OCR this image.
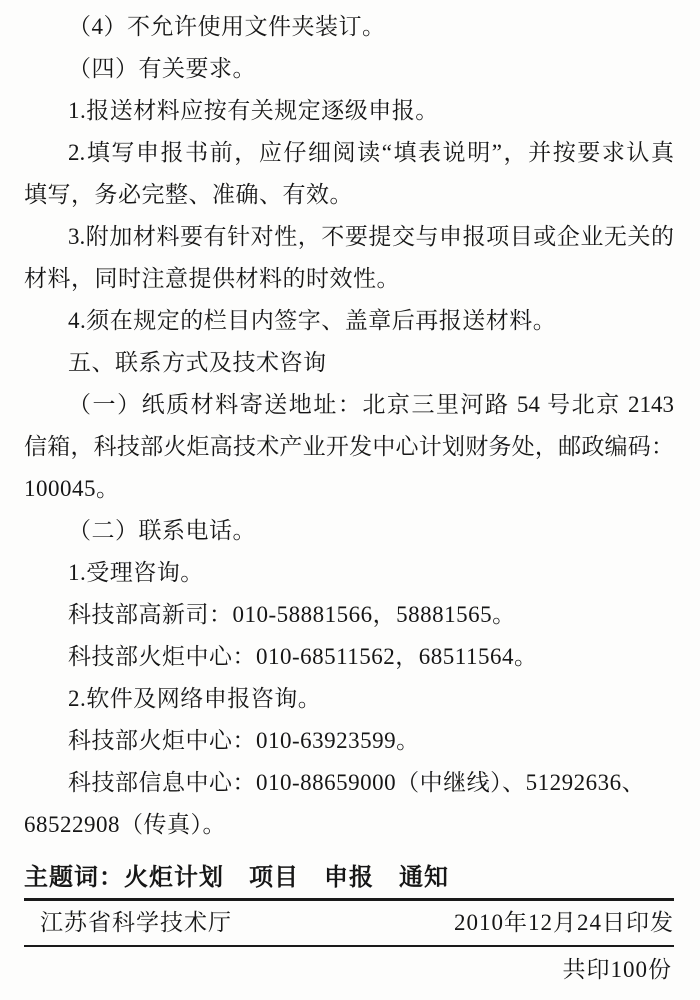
（4）不允许使用文件夹装订。
（四）有关要求。
1.报送材料应按有关规定逐级申报。
2.填写申报书前，应仔细阅读“填表说明”，并按要求认真
填写，务必完整、准确、有效。
3.附加材料要有针对性，不要提交与申报项目或企业无关的
材料，同时注意提供材料的时效性。
4.须在规定的栏目内签字、盖章后再报送材料。
五、联系方式及技术咨询
（一）纸质材料寄送地址：北京三里河路 54 号北京 2143
信箱，科技部火炬高技术产业开发中心计划财务处，邮政编码：
100045。
（二）联系电话。
1.受理咨询。
科技部高新司：010-58881566，58881565。
科技部火炬中心：010-68511562，68511564。
2.软件及网络申报咨询。
科技部火炬中心：010-63923599。
科技部信息中心：010-88659000（中继线）、51292636、
68522908（传真）。
主题词：火炬计划　项目　申报　通知
江苏省科学技术厅	2010年12月24日印发
共印100份
